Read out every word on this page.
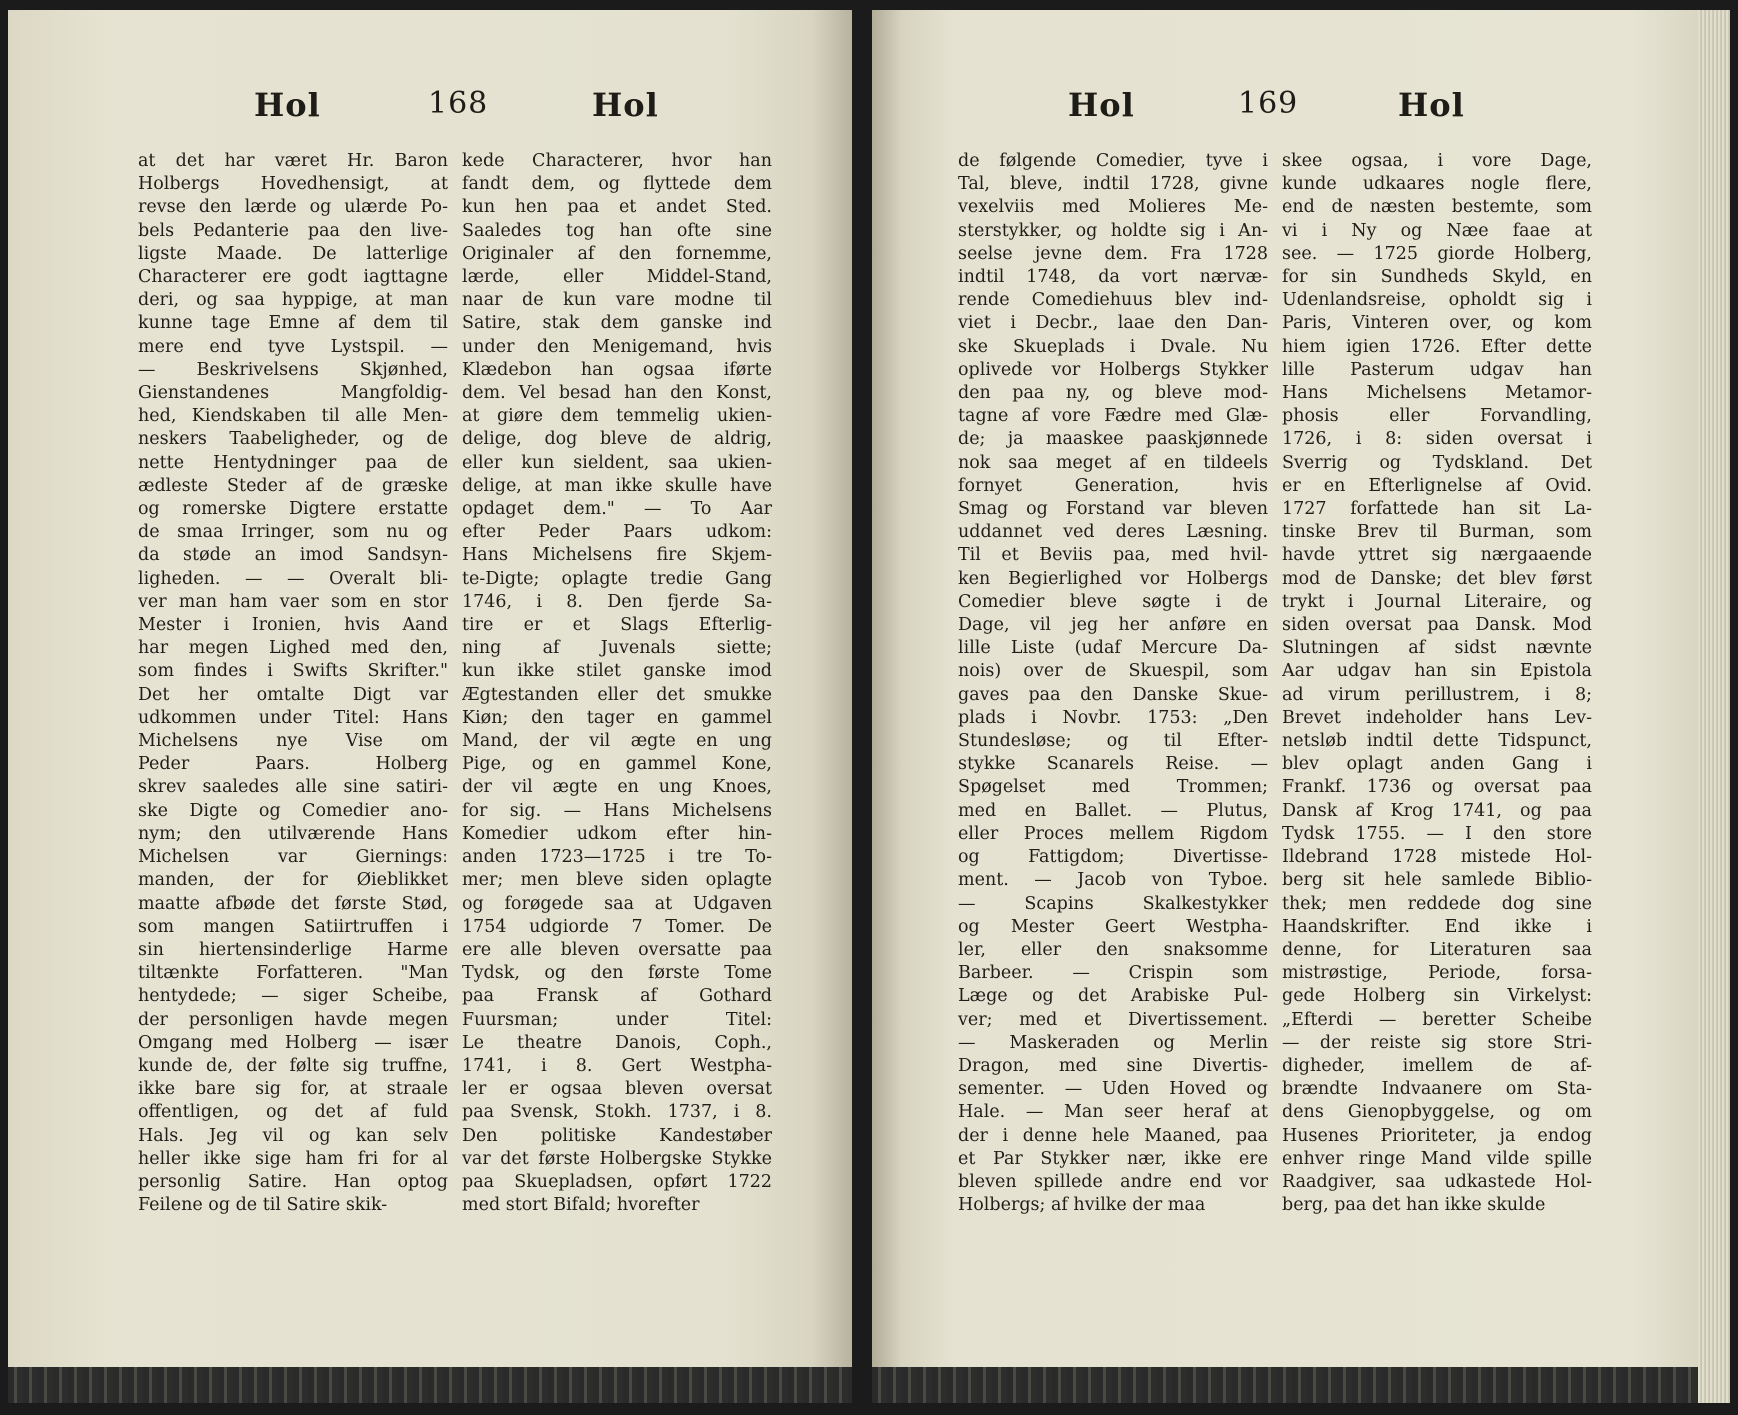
Hol	168	Hol
at det har været Hr. Baron
Holbergs Hovedhensigt, at
revse den lærde og ulærde Po-
bels Pedanterie paa den live-
ligste Maade. De latterlige
Characterer ere godt iagttagne
deri, og saa hyppige, at man
kunne tage Emne af dem til
mere end tyve Lystspil. —
— Beskrivelsens Skjønhed,
Gienstandenes Mangfoldig-
hed, Kiendskaben til alle Men-
neskers Taabeligheder, og de
nette Hentydninger paa de
ædleste Steder af de græske
og romerske Digtere erstatte
de smaa Irringer, som nu og
da støde an imod Sandsyn-
ligheden. — — Overalt bli-
ver man ham vaer som en stor
Mester i Ironien, hvis Aand
har megen Lighed med den,
som findes i Swifts Skrifter."
Det her omtalte Digt var
udkommen under Titel: Hans
Michelsens nye Vise om
Peder Paars. Holberg
skrev saaledes alle sine satiri-
ske Digte og Comedier ano-
nym; den utilværende Hans
Michelsen var Gierningsː
manden, der for Øieblikket
maatte afbøde det første Stød,
som mangen Satiirtruffen i
sin hiertensinderlige Harme
tiltænkte Forfatteren. "Man
hentydede; — siger Scheibe,
der personligen havde megen
Omgang med Holberg — især
kunde de, der følte sig truffne,
ikke bare sig for, at straale
offentligen, og det af fuld
Hals. Jeg vil og kan selv
heller ikke sige ham fri for al
personlig Satire. Han optog
Feilene og de til Satire skik-
kede Characterer, hvor han
fandt dem, og flyttede dem
kun hen paa et andet Sted.
Saaledes tog han ofte sine
Originaler af den fornemme,
lærde, eller Middel-Stand,
naar de kun vare modne til
Satire, stak dem ganske ind
under den Menigemand, hvis
Klædebon han ogsaa iførte
dem. Vel besad han den Konst,
at giøre dem temmelig ukien-
delige, dog bleve de aldrig,
eller kun sieldent, saa ukien-
delige, at man ikke skulle have
opdaget dem." — To Aar
efter Peder Paars udkom:
Hans Michelsens fire Skjem-
te-Digte; oplagte tredie Gang
1746, i 8. Den fjerde Sa-
tire er et Slags Efterlig-
ning af Juvenals siette;
kun ikke stilet ganske imod
Ægtestanden eller det smukke
Kiøn; den tager en gammel
Mand, der vil ægte en ung
Pige, og en gammel Kone,
der vil ægte en ung Knoes,
for sig. — Hans Michelsens
Komedier udkom efter hin-
anden 1723—1725 i tre To-
mer; men bleve siden oplagte
og forøgede saa at Udgaven
1754 udgiorde 7 Tomer. De
ere alle bleven oversatte paa
Tydsk, og den første Tome
paa Fransk af Gothard
Fuursman; under Titel:
Le theatre Danois, Coph.,
1741, i 8. Gert Westpha-
ler er ogsaa bleven oversat
paa Svensk, Stokh. 1737, i 8.
Den politiske Kandestøber
var det første Holbergske Stykke
paa Skuepladsen, opført 1722
med stort Bifald; hvorefter
Hol	169	Hol
de følgende Comedier, tyve i
Tal, bleve, indtil 1728, givne
vexelviis med Molieres Me-
sterstykker, og holdte sig i An-
seelse jevne dem. Fra 1728
indtil 1748, da vort nærvæ-
rende Comediehuus blev ind-
viet i Decbr., laae den Dan-
ske Skueplads i Dvale. Nu
oplivede vor Holbergs Stykker
den paa ny, og bleve mod-
tagne af vore Fædre med Glæ-
de; ja maaskee paaskjønnede
nok saa meget af en tildeels
fornyet Generation, hvis
Smag og Forstand var bleven
uddannet ved deres Læsning.
Til et Beviis paa, med hvil-
ken Begierlighed vor Holbergs
Comedier bleve søgte i de
Dage, vil jeg her anføre en
lille Liste (udaf Mercure Da-
nois) over de Skuespil, som
gaves paa den Danske Skue-
plads i Novbr. 1753: „Den
Stundesløse; og til Efter-
stykke Scanarels Reise. —
Spøgelset med Trommen;
med en Ballet. — Plutus,
eller Proces mellem Rigdom
og Fattigdom; Divertisse-
ment. — Jacob von Tyboe.
— Scapins Skalkestykker
og Mester Geert Westpha-
ler, eller den snaksomme
Barbeer. — Crispin som
Læge og det Arabiske Pul-
ver; med et Divertissement.
— Maskeraden og Merlin
Dragon, med sine Divertis-
sementer. — Uden Hoved og
Hale. — Man seer heraf at
der i denne hele Maaned, paa
et Par Stykker nær, ikke ere
bleven spillede andre end vor
Holbergs; af hvilke der maa
skee ogsaa, i vore Dage,
kunde udkaares nogle flere,
end de næsten bestemte, som
vi i Ny og Næe faae at
see. — 1725 giorde Holberg,
for sin Sundheds Skyld, en
Udenlandsreise, opholdt sig i
Paris, Vinteren over, og kom
hiem igien 1726. Efter dette
lille Pasterum udgav han
Hans Michelsens Metamor-
phosis eller Forvandling,
1726, i 8: siden oversat i
Sverrig og Tydskland. Det
er en Efterlignelse af Ovid.
1727 forfattede han sit La-
tinske Brev til Burman, som
havde yttret sig nærgaaende
mod de Danske; det blev først
trykt i Journal Literaire, og
siden oversat paa Dansk. Mod
Slutningen af sidst nævnte
Aar udgav han sin Epistola
ad virum perillustrem, i 8;
Brevet indeholder hans Lev-
netsløb indtil dette Tidspunct,
blev oplagt anden Gang i
Frankf. 1736 og oversat paa
Dansk af Krog 1741, og paa
Tydsk 1755. — I den store
Ildebrand 1728 mistede Hol-
berg sit hele samlede Biblio-
thek; men reddede dog sine
Haandskrifter. End ikke i
denne, for Literaturen saa
mistrøstige, Periode, forsa-
gede Holberg sin Virkelyst:
„Efterdi — beretter Scheibe
— der reiste sig store Stri-
digheder, imellem de af-
brændte Indvaanere om Sta-
dens Gienopbyggelse, og om
Husenes Prioriteter, ja endog
enhver ringe Mand vilde spille
Raadgiver, saa udkastede Hol-
berg, paa det han ikke skulde
